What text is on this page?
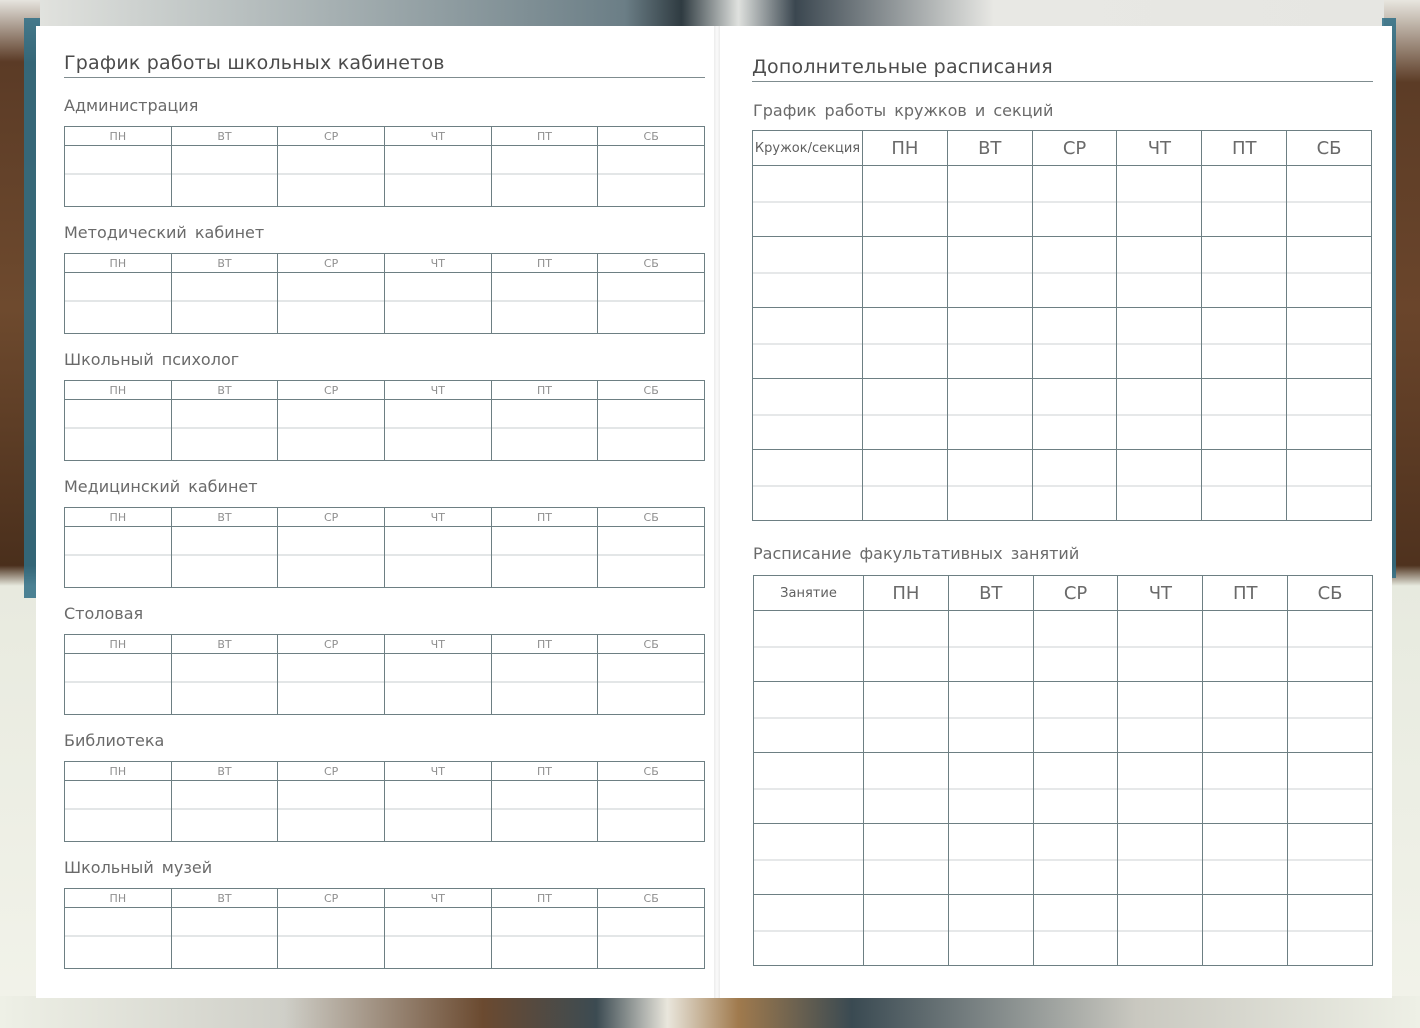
График работы школьных кабинетов
Администрация
ПН	ВТ	СР	ЧТ	ПТ	СБ

Методический кабинет
ПН	ВТ	СР	ЧТ	ПТ	СБ

Школьный психолог
ПН	ВТ	СР	ЧТ	ПТ	СБ

Медицинский кабинет
ПН	ВТ	СР	ЧТ	ПТ	СБ

Столовая
ПН	ВТ	СР	ЧТ	ПТ	СБ

Библиотека
ПН	ВТ	СР	ЧТ	ПТ	СБ

Школьный музей
ПН	ВТ	СР	ЧТ	ПТ	СБ

Дополнительные расписания
График работы кружков и секций
Кружок/секция	ПН	ВТ	СР	ЧТ	ПТ	СБ

Расписание факультативных занятий
Занятие	ПН	ВТ	СР	ЧТ	ПТ	СБ
